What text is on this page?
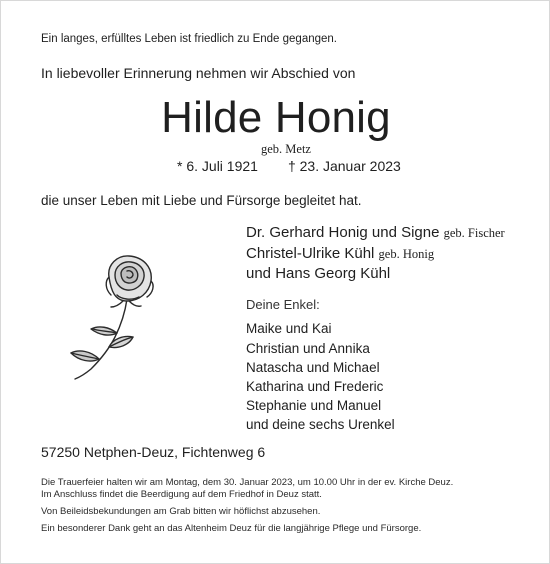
Ein langes, erfülltes Leben ist friedlich zu Ende gegangen.
In liebevoller Erinnerung nehmen wir Abschied von
Hilde Honig
geb. Metz
* 6. Juli 1921 † 23. Januar 2023
die unser Leben mit Liebe und Fürsorge begleitet hat.
Dr. Gerhard Honig und Signe geb. Fischer
Christel-Ulrike Kühl geb. Honig
und Hans Georg Kühl
Deine Enkel:
Maike und Kai
Christian und Annika
Natascha und Michael
Katharina und Frederic
Stephanie und Manuel
und deine sechs Urenkel
57250 Netphen-Deuz, Fichtenweg 6
Die Trauerfeier halten wir am Montag, dem 30. Januar 2023, um 10.00 Uhr in der ev. Kirche Deuz.
Im Anschluss findet die Beerdigung auf dem Friedhof in Deuz statt.
Von Beileidsbekundungen am Grab bitten wir höflichst abzusehen.
Ein besonderer Dank geht an das Altenheim Deuz für die langjährige Pflege und Fürsorge.
